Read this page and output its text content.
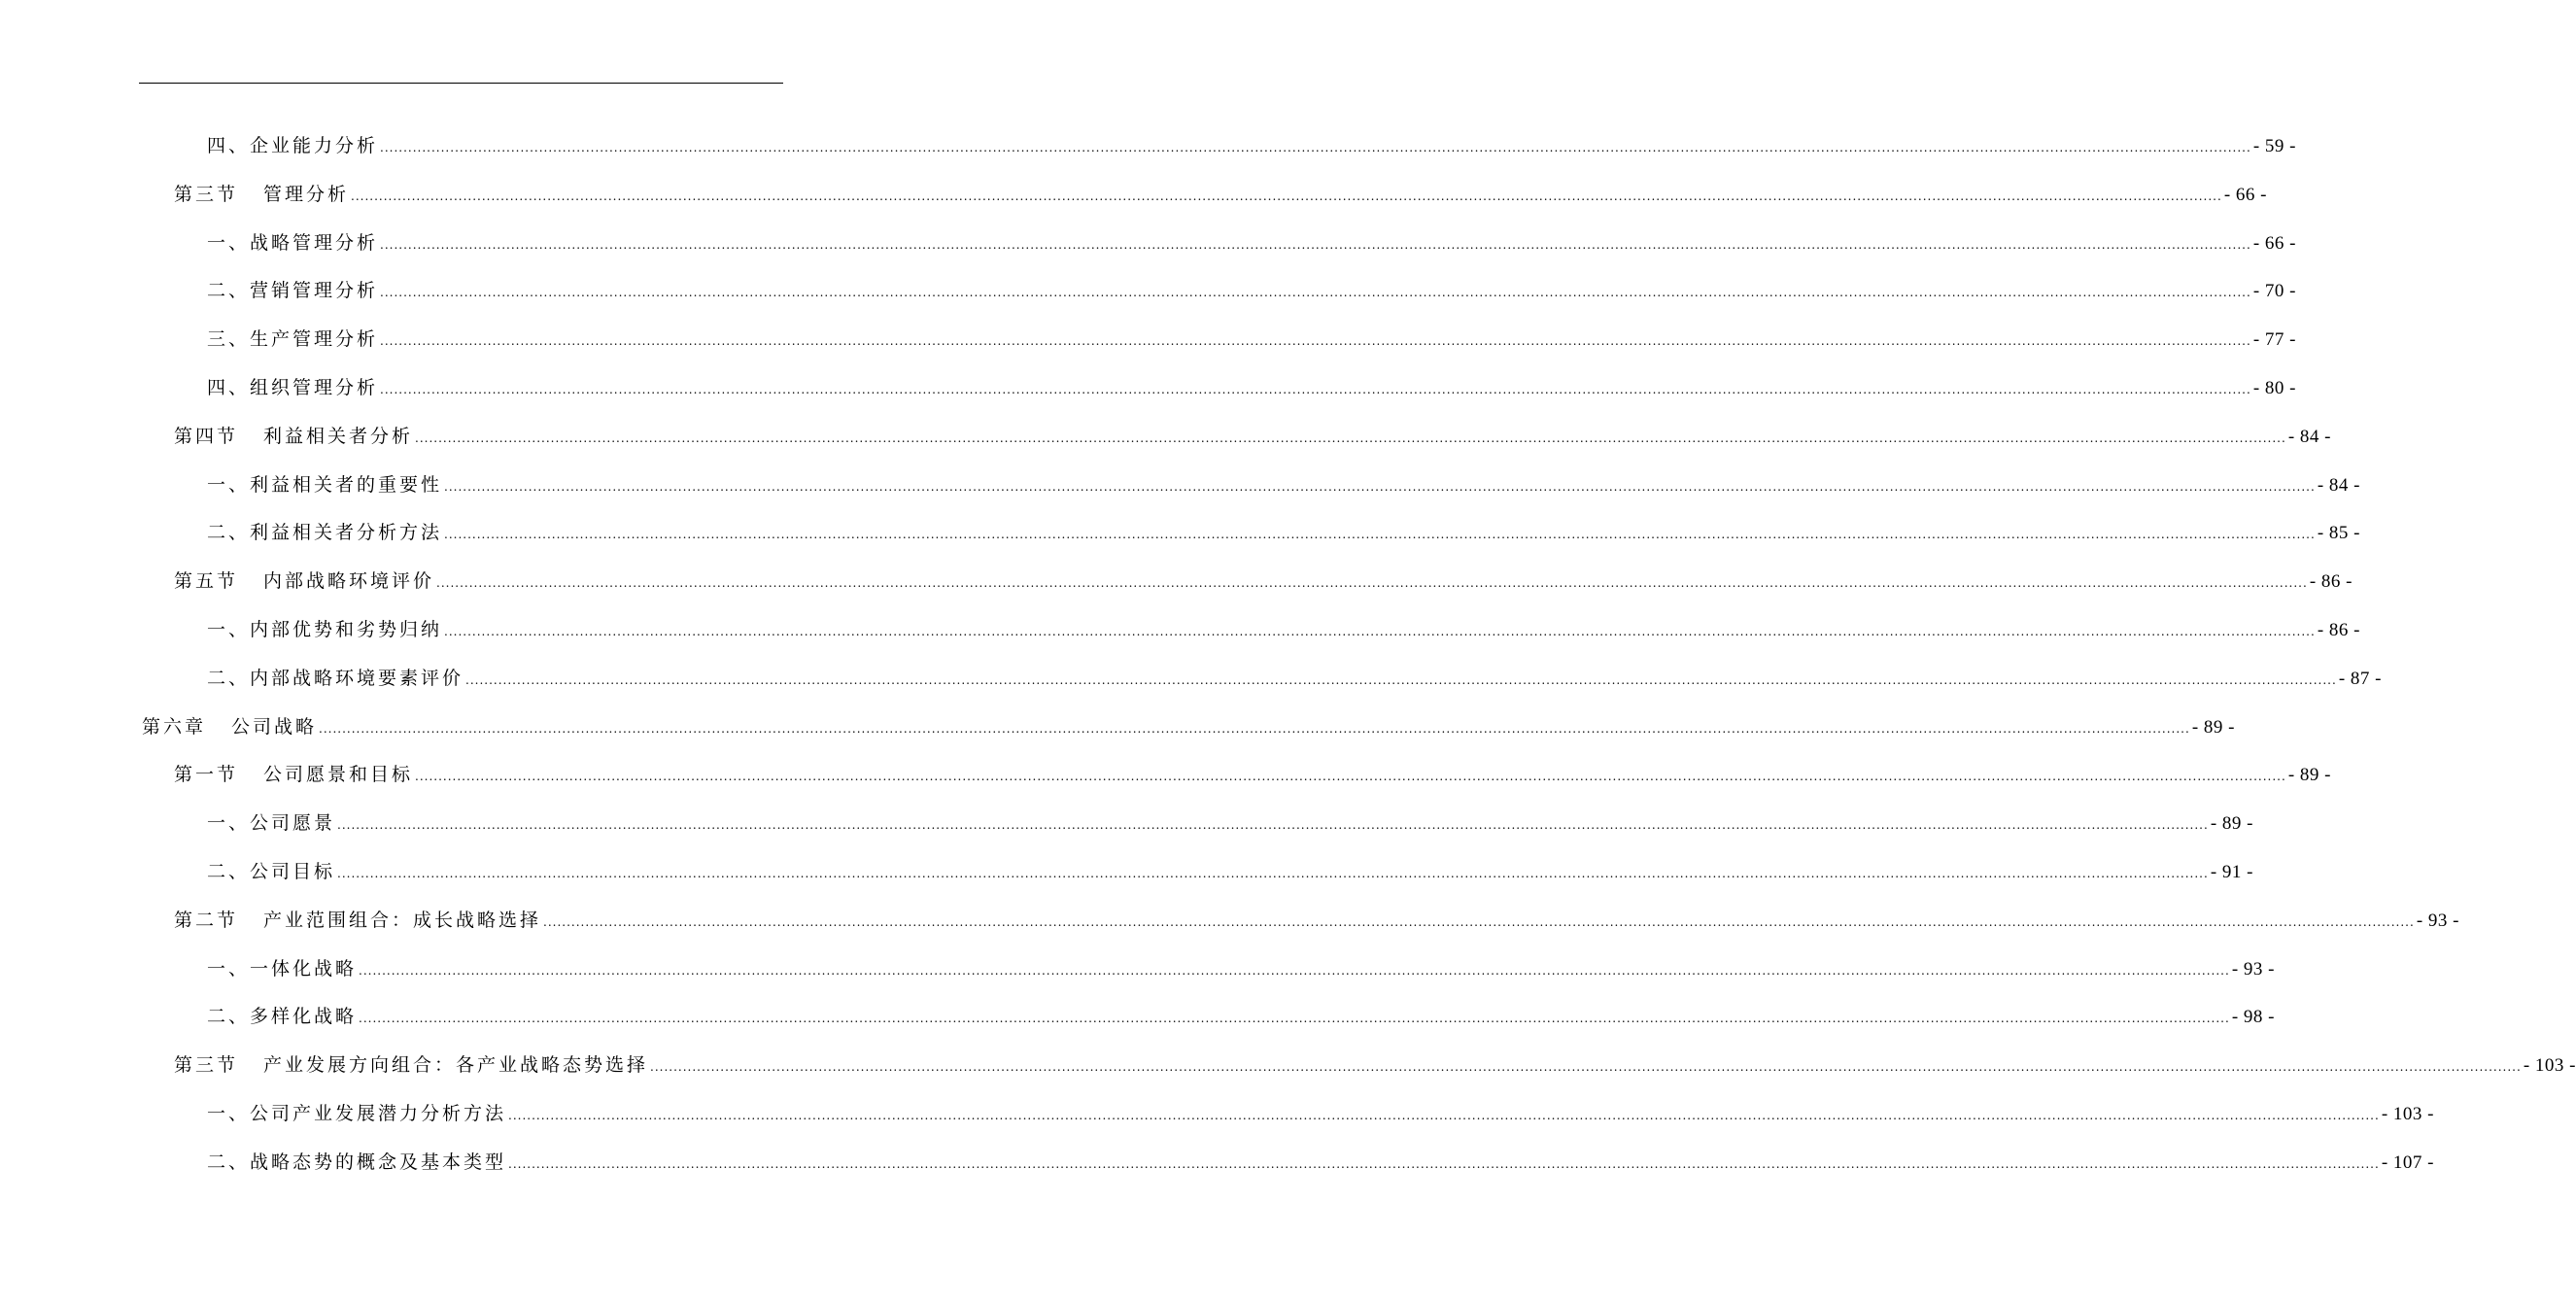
四、企业能力分析 ................................................................................................................................................................................................................................................................................................................................................................................................................ - 59 -
第三节 管理分析 ................................................................................................................................................................................................................................................................................................................................................................................................................ - 66 -
一、战略管理分析 ................................................................................................................................................................................................................................................................................................................................................................................................................ - 66 -
二、营销管理分析 ................................................................................................................................................................................................................................................................................................................................................................................................................ - 70 -
三、生产管理分析 ................................................................................................................................................................................................................................................................................................................................................................................................................ - 77 -
四、组织管理分析 ................................................................................................................................................................................................................................................................................................................................................................................................................ - 80 -
第四节 利益相关者分析 ................................................................................................................................................................................................................................................................................................................................................................................................................ - 84 -
一、利益相关者的重要性 ................................................................................................................................................................................................................................................................................................................................................................................................................ - 84 -
二、利益相关者分析方法 ................................................................................................................................................................................................................................................................................................................................................................................................................ - 85 -
第五节 内部战略环境评价 ................................................................................................................................................................................................................................................................................................................................................................................................................ - 86 -
一、内部优势和劣势归纳 ................................................................................................................................................................................................................................................................................................................................................................................................................ - 86 -
二、内部战略环境要素评价 ................................................................................................................................................................................................................................................................................................................................................................................................................ - 87 -
第六章 公司战略 ................................................................................................................................................................................................................................................................................................................................................................................................................ - 89 -
第一节 公司愿景和目标 ................................................................................................................................................................................................................................................................................................................................................................................................................ - 89 -
一、公司愿景 ................................................................................................................................................................................................................................................................................................................................................................................................................ - 89 -
二、公司目标 ................................................................................................................................................................................................................................................................................................................................................................................................................ - 91 -
第二节 产业范围组合：成长战略选择 ................................................................................................................................................................................................................................................................................................................................................................................................................ - 93 -
一、一体化战略 ................................................................................................................................................................................................................................................................................................................................................................................................................ - 93 -
二、多样化战略 ................................................................................................................................................................................................................................................................................................................................................................................................................ - 98 -
第三节 产业发展方向组合：各产业战略态势选择 ................................................................................................................................................................................................................................................................................................................................................................................................................ - 103 -
一、公司产业发展潜力分析方法 ................................................................................................................................................................................................................................................................................................................................................................................................................ - 103 -
二、战略态势的概念及基本类型 ................................................................................................................................................................................................................................................................................................................................................................................................................ - 107 -
